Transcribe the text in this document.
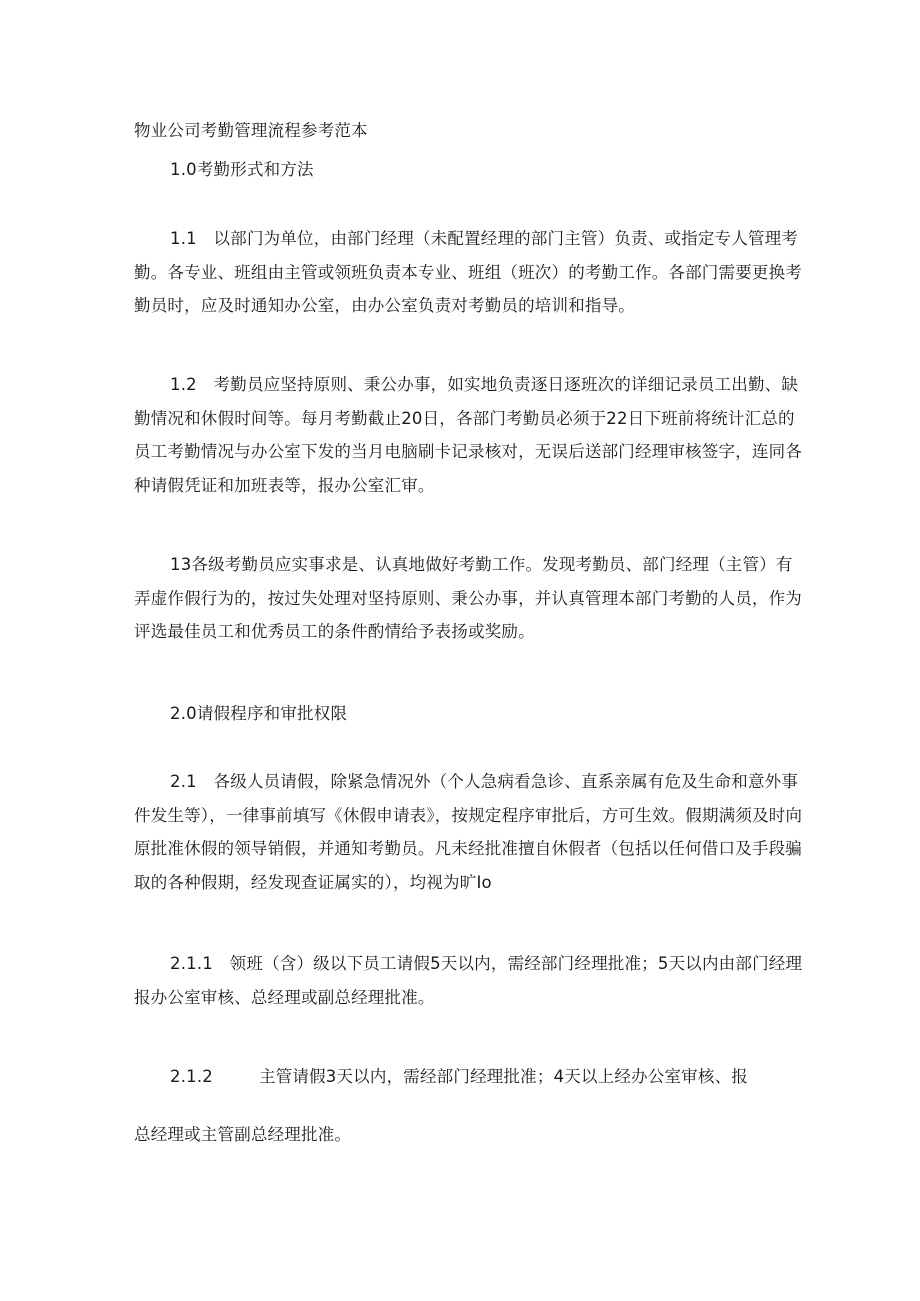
物业公司考勤管理流程参考范本

1.0考勤形式和方法

1.1　以部门为单位，由部门经理（未配置经理的部门主管）负责、或指定专人管理考勤。各专业、班组由主管或领班负责本专业、班组（班次）的考勤工作。各部门需要更换考勤员时，应及时通知办公室，由办公室负责对考勤员的培训和指导。

1.2　考勤员应坚持原则、秉公办事，如实地负责逐日逐班次的详细记录员工出勤、缺勤情况和休假时间等。每月考勤截止20日，各部门考勤员必须于22日下班前将统计汇总的员工考勤情况与办公室下发的当月电脑刷卡记录核对，无误后送部门经理审核签字，连同各种请假凭证和加班表等，报办公室汇审。

13各级考勤员应实事求是、认真地做好考勤工作。发现考勤员、部门经理（主管）有弄虚作假行为的，按过失处理对坚持原则、秉公办事，并认真管理本部门考勤的人员，作为评选最佳员工和优秀员工的条件酌情给予表扬或奖励。

2.0请假程序和审批权限

2.1　各级人员请假，除紧急情况外（个人急病看急诊、直系亲属有危及生命和意外事件发生等），一律事前填写《休假申请表》，按规定程序审批后，方可生效。假期满须及时向原批准休假的领导销假，并通知考勤员。凡未经批准擅自休假者（包括以任何借口及手段骗取的各种假期，经发现查证属实的），均视为旷Io

2.1.1　领班（含）级以下员工请假5天以内，需经部门经理批准；5天以内由部门经理报办公室审核、总经理或副总经理批准。

2.1.2	主管请假3天以内，需经部门经理批准；4天以上经办公室审核、报

总经理或主管副总经理批准。
